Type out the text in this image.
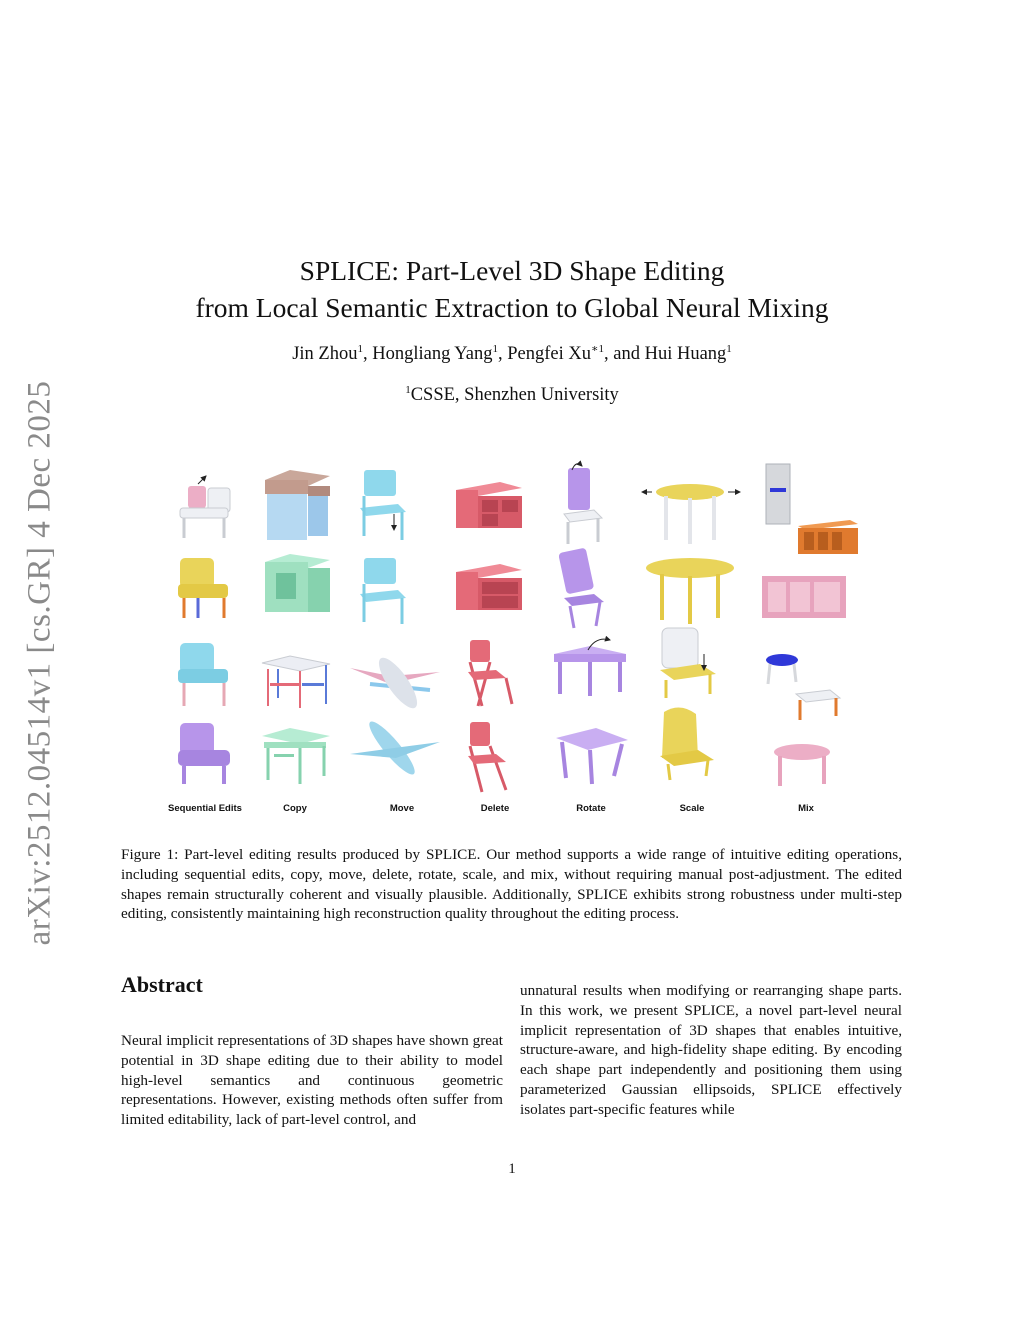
arXiv:2512.04514v1 [cs.GR] 4 Dec 2025
SPLICE: Part-Level 3D Shape Editing
from Local Semantic Extraction to Global Neural Mixing
Jin Zhou$^1$, Hongliang Yang$^1$, Pengfei $Xu^{∗1}$, and Hui Huang$^1$
$^1$CSSE, Shenzhen University
Sequential Edits	Copy	Move	Delete	Rotate	Scale	Mix
Figure 1: Part-level editing results produced by SPLICE. Our method supports a wide range of intuitive editing operations, including sequential edits, copy, move, delete, rotate, scale, and mix, without requiring manual post-adjustment. The edited shapes remain structurally coherent and visually plausible. Additionally, SPLICE exhibits strong robustness under multi-step editing, consistently maintaining high reconstruction quality throughout the editing process.
Abstract
Neural implicit representations of 3D shapes have shown great potential in 3D shape editing due to their ability to model high-level semantics and continuous geometric representations. However, existing methods often suffer from limited editability, lack of part-level control, and
unnatural results when modifying or rearranging shape parts. In this work, we present SPLICE, a novel part-level neural implicit representation of 3D shapes that enables intuitive, structure-aware, and high-fidelity shape editing. By encoding each shape part independently and positioning them using parameterized Gaussian ellipsoids, SPLICE effectively isolates part-specific features while
1
